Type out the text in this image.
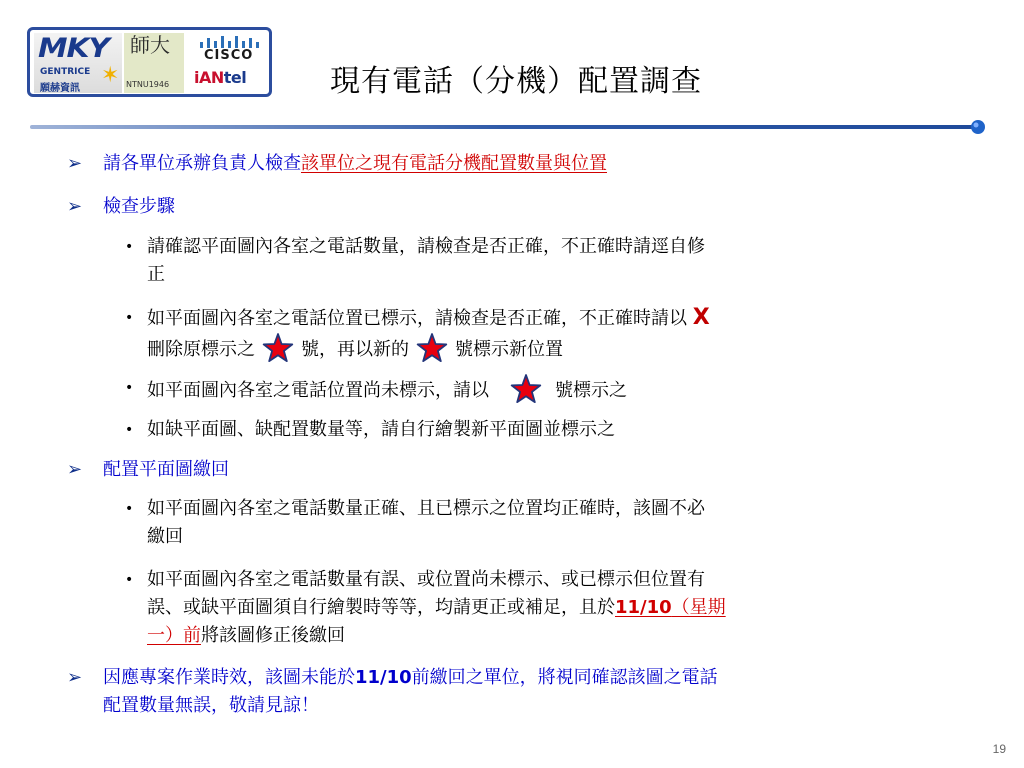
MKY
GENTRICE
願赫資訊
✶
師大
NTNU1946
CISCO
iANtel	現有電話（分機）配置調查
➢ 請各單位承辦負責人檢查該單位之現有電話分機配置數量與位置
➢ 檢查步驟
• 請確認平面圖內各室之電話數量，請檢查是否正確，不正確時請逕自修
正
• 如平面圖內各室之電話位置已標示，請檢查是否正確，不正確時請以 X
刪除原標示之	號，再以新的	號標示新位置
• 如平面圖內各室之電話位置尚未標示，請以	號標示之
• 如缺平面圖、缺配置數量等，請自行繪製新平面圖並標示之
➢ 配置平面圖繳回
• 如平面圖內各室之電話數量正確、且已標示之位置均正確時，該圖不必
繳回
• 如平面圖內各室之電話數量有誤、或位置尚未標示、或已標示但位置有
誤、或缺平面圖須自行繪製時等等，均請更正或補足，且於11/10（星期
一）前將該圖修正後繳回
➢ 因應專案作業時效，該圖未能於11/10前繳回之單位，將視同確認該圖之電話
配置數量無誤，敬請見諒！
19
